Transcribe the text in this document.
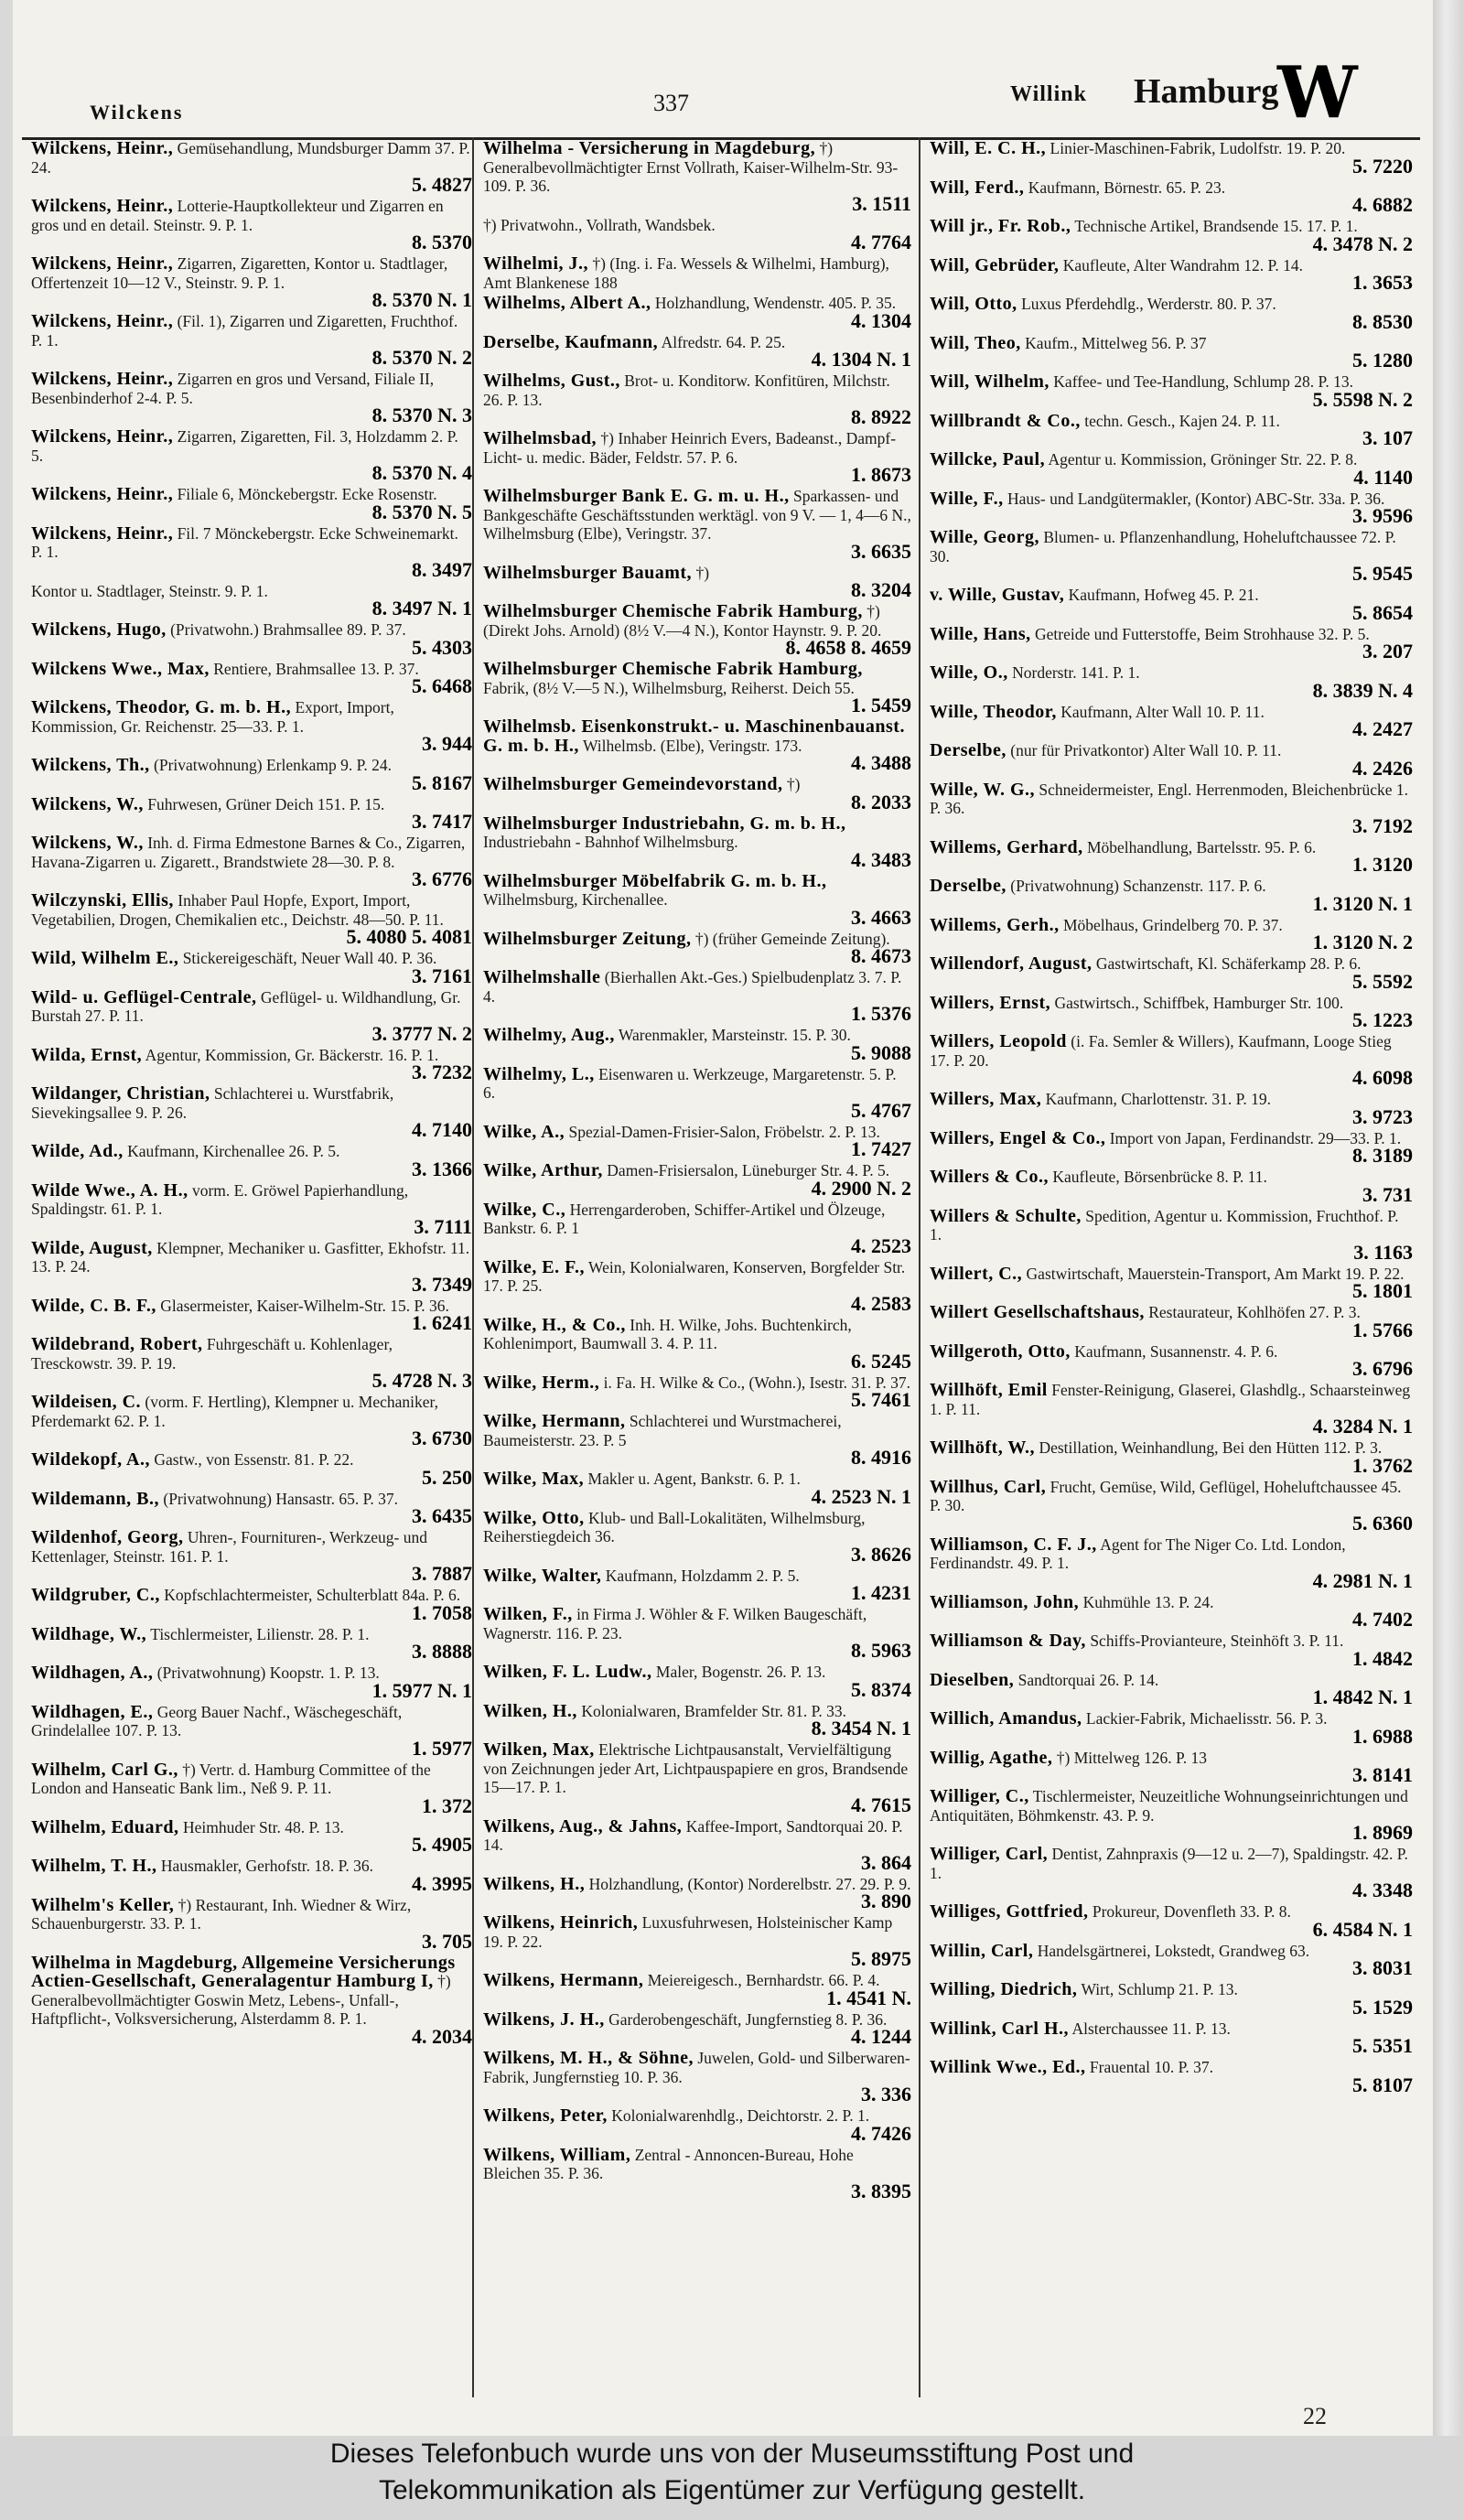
Wilckens	337	Willink Hamburg
W
Wilckens, Heinr., Gemüsehandlung, Mundsburger Damm 37. P. 24.
5. 4827
Wilckens, Heinr., Lotterie-Hauptkollekteur und Zigarren en gros und en detail. Steinstr. 9. P. 1.
8. 5370
Wilckens, Heinr., Zigarren, Zigaretten, Kontor u. Stadtlager, Offertenzeit 10—12 V., Steinstr. 9. P. 1.
8. 5370 N. 1
Wilckens, Heinr., (Fil. 1), Zigarren und Zigaretten, Fruchthof. P. 1.
8. 5370 N. 2
Wilckens, Heinr., Zigarren en gros und Versand, Filiale II, Besenbinderhof 2-4. P. 5.
8. 5370 N. 3
Wilckens, Heinr., Zigarren, Zigaretten, Fil. 3, Holzdamm 2. P. 5.
8. 5370 N. 4
Wilckens, Heinr., Filiale 6, Mönckebergstr. Ecke Rosenstr.
8. 5370 N. 5
Wilckens, Heinr., Fil. 7 Mönckebergstr. Ecke Schweinemarkt. P. 1.
8. 3497
Kontor u. Stadtlager, Steinstr. 9. P. 1.
8. 3497 N. 1
Wilckens, Hugo, (Privatwohn.) Brahmsallee 89. P. 37.
5. 4303
Wilckens Wwe., Max, Rentiere, Brahmsallee 13. P. 37.
5. 6468
Wilckens, Theodor, G. m. b. H., Export, Import, Kommission, Gr. Reichenstr. 25—33. P. 1.
3. 944
Wilckens, Th., (Privatwohnung) Erlenkamp 9. P. 24.
5. 8167
Wilckens, W., Fuhrwesen, Grüner Deich 151. P. 15.
3. 7417
Wilckens, W., Inh. d. Firma Edmestone Barnes & Co., Zigarren, Havana-Zigarren u. Zigarett., Brandstwiete 28—30. P. 8.
3. 6776
Wilczynski, Ellis, Inhaber Paul Hopfe, Export, Import, Vegetabilien, Drogen, Chemikalien etc., Deichstr. 48—50. P. 11.
5. 4080 5. 4081
Wild, Wilhelm E., Stickereigeschäft, Neuer Wall 40. P. 36.
3. 7161
Wild- u. Geflügel-Centrale, Geflügel- u. Wildhandlung, Gr. Burstah 27. P. 11.
3. 3777 N. 2
Wilda, Ernst, Agentur, Kommission, Gr. Bäckerstr. 16. P. 1.
3. 7232
Wildanger, Christian, Schlachterei u. Wurstfabrik, Sievekingsallee 9. P. 26.
4. 7140
Wilde, Ad., Kaufmann, Kirchenallee 26. P. 5.
3. 1366
Wilde Wwe., A. H., vorm. E. Gröwel Papierhandlung, Spaldingstr. 61. P. 1.
3. 7111
Wilde, August, Klempner, Mechaniker u. Gasfitter, Ekhofstr. 11. 13. P. 24.
3. 7349
Wilde, C. B. F., Glasermeister, Kaiser-Wilhelm-Str. 15. P. 36.
1. 6241
Wildebrand, Robert, Fuhrgeschäft u. Kohlenlager, Tresckowstr. 39. P. 19.
5. 4728 N. 3
Wildeisen, C. (vorm. F. Hertling), Klempner u. Mechaniker, Pferdemarkt 62. P. 1.
3. 6730
Wildekopf, A., Gastw., von Essenstr. 81. P. 22.
5. 250
Wildemann, B., (Privatwohnung) Hansastr. 65. P. 37.
3. 6435
Wildenhof, Georg, Uhren-, Fournituren-, Werkzeug- und Kettenlager, Steinstr. 161. P. 1.
3. 7887
Wildgruber, C., Kopfschlachtermeister, Schulterblatt 84a. P. 6.
1. 7058
Wildhage, W., Tischlermeister, Lilienstr. 28. P. 1.
3. 8888
Wildhagen, A., (Privatwohnung) Koopstr. 1. P. 13.
1. 5977 N. 1
Wildhagen, E., Georg Bauer Nachf., Wäschegeschäft, Grindelallee 107. P. 13.
1. 5977
Wilhelm, Carl G., †) Vertr. d. Hamburg Committee of the London and Hanseatic Bank lim., Neß 9. P. 11.
1. 372
Wilhelm, Eduard, Heimhuder Str. 48. P. 13.
5. 4905
Wilhelm, T. H., Hausmakler, Gerhofstr. 18. P. 36.
4. 3995
Wilhelm's Keller, †) Restaurant, Inh. Wiedner & Wirz, Schauenburgerstr. 33. P. 1.
3. 705
Wilhelma in Magdeburg, Allgemeine Versicherungs Actien-Gesellschaft, Generalagentur Hamburg I, †) Generalbevollmächtigter Goswin Metz, Lebens-, Unfall-, Haftpflicht-, Volksversicherung, Alsterdamm 8. P. 1.
4. 2034
Wilhelma - Versicherung in Magdeburg, †) Generalbevollmächtigter Ernst Vollrath, Kaiser-Wilhelm-Str. 93-109. P. 36.
3. 1511
†) Privatwohn., Vollrath, Wandsbek.
4. 7764
Wilhelmi, J., †) (Ing. i. Fa. Wessels & Wilhelmi, Hamburg), Amt Blankenese 188
Wilhelms, Albert A., Holzhandlung, Wendenstr. 405. P. 35.
4. 1304
Derselbe, Kaufmann, Alfredstr. 64. P. 25.
4. 1304 N. 1
Wilhelms, Gust., Brot- u. Konditorw. Konfitüren, Milchstr. 26. P. 13.
8. 8922
Wilhelmsbad, †) Inhaber Heinrich Evers, Badeanst., Dampf- Licht- u. medic. Bäder, Feldstr. 57. P. 6.
1. 8673
Wilhelmsburger Bank E. G. m. u. H., Sparkassen- und Bankgeschäfte Geschäftsstunden werktägl. von 9 V. — 1, 4—6 N., Wilhelmsburg (Elbe), Veringstr. 37.
3. 6635
Wilhelmsburger Bauamt, †)
8. 3204
Wilhelmsburger Chemische Fabrik Hamburg, †) (Direkt Johs. Arnold) (8½ V.—4 N.), Kontor Haynstr. 9. P. 20.
8. 4658 8. 4659
Wilhelmsburger Chemische Fabrik Hamburg, Fabrik, (8½ V.—5 N.), Wilhelmsburg, Reiherst. Deich 55.
1. 5459
Wilhelmsb. Eisenkonstrukt.- u. Maschinenbauanst. G. m. b. H., Wilhelmsb. (Elbe), Veringstr. 173.
4. 3488
Wilhelmsburger Gemeindevorstand, †)
8. 2033
Wilhelmsburger Industriebahn, G. m. b. H., Industriebahn - Bahnhof Wilhelmsburg.
4. 3483
Wilhelmsburger Möbelfabrik G. m. b. H., Wilhelmsburg, Kirchenallee.
3. 4663
Wilhelmsburger Zeitung, †) (früher Gemeinde Zeitung).
8. 4673
Wilhelmshalle (Bierhallen Akt.-Ges.) Spielbudenplatz 3. 7. P. 4.
1. 5376
Wilhelmy, Aug., Warenmakler, Marsteinstr. 15. P. 30.
5. 9088
Wilhelmy, L., Eisenwaren u. Werkzeuge, Margaretenstr. 5. P. 6.
5. 4767
Wilke, A., Spezial-Damen-Frisier-Salon, Fröbelstr. 2. P. 13.
1. 7427
Wilke, Arthur, Damen-Frisiersalon, Lüneburger Str. 4. P. 5.
4. 2900 N. 2
Wilke, C., Herrengarderoben, Schiffer-Artikel und Ölzeuge, Bankstr. 6. P. 1
4. 2523
Wilke, E. F., Wein, Kolonialwaren, Konserven, Borgfelder Str. 17. P. 25.
4. 2583
Wilke, H., & Co., Inh. H. Wilke, Johs. Buchtenkirch, Kohlenimport, Baumwall 3. 4. P. 11.
6. 5245
Wilke, Herm., i. Fa. H. Wilke & Co., (Wohn.), Isestr. 31. P. 37.
5. 7461
Wilke, Hermann, Schlachterei und Wurstmacherei, Baumeisterstr. 23. P. 5
8. 4916
Wilke, Max, Makler u. Agent, Bankstr. 6. P. 1.
4. 2523 N. 1
Wilke, Otto, Klub- und Ball-Lokalitäten, Wilhelmsburg, Reiherstiegdeich 36.
3. 8626
Wilke, Walter, Kaufmann, Holzdamm 2. P. 5.
1. 4231
Wilken, F., in Firma J. Wöhler & F. Wilken Baugeschäft, Wagnerstr. 116. P. 23.
8. 5963
Wilken, F. L. Ludw., Maler, Bogenstr. 26. P. 13.
5. 8374
Wilken, H., Kolonialwaren, Bramfelder Str. 81. P. 33.
8. 3454 N. 1
Wilken, Max, Elektrische Lichtpausanstalt, Vervielfältigung von Zeichnungen jeder Art, Lichtpauspapiere en gros, Brandsende 15—17. P. 1.
4. 7615
Wilkens, Aug., & Jahns, Kaffee-Import, Sandtorquai 20. P. 14.
3. 864
Wilkens, H., Holzhandlung, (Kontor) Norderelbstr. 27. 29. P. 9.
3. 890
Wilkens, Heinrich, Luxusfuhrwesen, Holsteinischer Kamp 19. P. 22.
5. 8975
Wilkens, Hermann, Meiereigesch., Bernhardstr. 66. P. 4.
1. 4541 N.
Wilkens, J. H., Garderobengeschäft, Jungfernstieg 8. P. 36.
4. 1244
Wilkens, M. H., & Söhne, Juwelen, Gold- und Silberwaren-Fabrik, Jungfernstieg 10. P. 36.
3. 336
Wilkens, Peter, Kolonialwarenhdlg., Deichtorstr. 2. P. 1.
4. 7426
Wilkens, William, Zentral - Annoncen-Bureau, Hohe Bleichen 35. P. 36.
3. 8395
Will, E. C. H., Linier-Maschinen-Fabrik, Ludolfstr. 19. P. 20.
5. 7220
Will, Ferd., Kaufmann, Börnestr. 65. P. 23.
4. 6882
Will jr., Fr. Rob., Technische Artikel, Brandsende 15. 17. P. 1.
4. 3478 N. 2
Will, Gebrüder, Kaufleute, Alter Wandrahm 12. P. 14.
1. 3653
Will, Otto, Luxus Pferdehdlg., Werderstr. 80. P. 37.
8. 8530
Will, Theo, Kaufm., Mittelweg 56. P. 37
5. 1280
Will, Wilhelm, Kaffee- und Tee-Handlung, Schlump 28. P. 13.
5. 5598 N. 2
Willbrandt & Co., techn. Gesch., Kajen 24. P. 11.
3. 107
Willcke, Paul, Agentur u. Kommission, Gröninger Str. 22. P. 8.
4. 1140
Wille, F., Haus- und Landgütermakler, (Kontor) ABC-Str. 33a. P. 36.
3. 9596
Wille, Georg, Blumen- u. Pflanzenhandlung, Hoheluftchaussee 72. P. 30.
5. 9545
v. Wille, Gustav, Kaufmann, Hofweg 45. P. 21.
5. 8654
Wille, Hans, Getreide und Futterstoffe, Beim Strohhause 32. P. 5.
3. 207
Wille, O., Norderstr. 141. P. 1.
8. 3839 N. 4
Wille, Theodor, Kaufmann, Alter Wall 10. P. 11.
4. 2427
Derselbe, (nur für Privatkontor) Alter Wall 10. P. 11.
4. 2426
Wille, W. G., Schneidermeister, Engl. Herrenmoden, Bleichenbrücke 1. P. 36.
3. 7192
Willems, Gerhard, Möbelhandlung, Bartelsstr. 95. P. 6.
1. 3120
Derselbe, (Privatwohnung) Schanzenstr. 117. P. 6.
1. 3120 N. 1
Willems, Gerh., Möbelhaus, Grindelberg 70. P. 37.
1. 3120 N. 2
Willendorf, August, Gastwirtschaft, Kl. Schäferkamp 28. P. 6.
5. 5592
Willers, Ernst, Gastwirtsch., Schiffbek, Hamburger Str. 100.
5. 1223
Willers, Leopold (i. Fa. Semler & Willers), Kaufmann, Looge Stieg 17. P. 20.
4. 6098
Willers, Max, Kaufmann, Charlottenstr. 31. P. 19.
3. 9723
Willers, Engel & Co., Import von Japan, Ferdinandstr. 29—33. P. 1.
8. 3189
Willers & Co., Kaufleute, Börsenbrücke 8. P. 11.
3. 731
Willers & Schulte, Spedition, Agentur u. Kommission, Fruchthof. P. 1.
3. 1163
Willert, C., Gastwirtschaft, Mauerstein-Transport, Am Markt 19. P. 22.
5. 1801
Willert Gesellschaftshaus, Restaurateur, Kohlhöfen 27. P. 3.
1. 5766
Willgeroth, Otto, Kaufmann, Susannenstr. 4. P. 6.
3. 6796
Willhöft, Emil Fenster-Reinigung, Glaserei, Glashdlg., Schaarsteinweg 1. P. 11.
4. 3284 N. 1
Willhöft, W., Destillation, Weinhandlung, Bei den Hütten 112. P. 3.
1. 3762
Willhus, Carl, Frucht, Gemüse, Wild, Geflügel, Hoheluftchaussee 45. P. 30.
5. 6360
Williamson, C. F. J., Agent for The Niger Co. Ltd. London, Ferdinandstr. 49. P. 1.
4. 2981 N. 1
Williamson, John, Kuhmühle 13. P. 24.
4. 7402
Williamson & Day, Schiffs-Provianteure, Steinhöft 3. P. 11.
1. 4842
Dieselben, Sandtorquai 26. P. 14.
1. 4842 N. 1
Willich, Amandus, Lackier-Fabrik, Michaelisstr. 56. P. 3.
1. 6988
Willig, Agathe, †) Mittelweg 126. P. 13
3. 8141
Williger, C., Tischlermeister, Neuzeitliche Wohnungseinrichtungen und Antiquitäten, Böhmkenstr. 43. P. 9.
1. 8969
Williger, Carl, Dentist, Zahnpraxis (9—12 u. 2—7), Spaldingstr. 42. P. 1.
4. 3348
Williges, Gottfried, Prokureur, Dovenfleth 33. P. 8.
6. 4584 N. 1
Willin, Carl, Handelsgärtnerei, Lokstedt, Grandweg 63.
3. 8031
Willing, Diedrich, Wirt, Schlump 21. P. 13.
5. 1529
Willink, Carl H., Alsterchaussee 11. P. 13.
5. 5351
Willink Wwe., Ed., Frauental 10. P. 37.
5. 8107
22
Dieses Telefonbuch wurde uns von der Museumsstiftung Post und
Telekommunikation als Eigentümer zur Verfügung gestellt.
